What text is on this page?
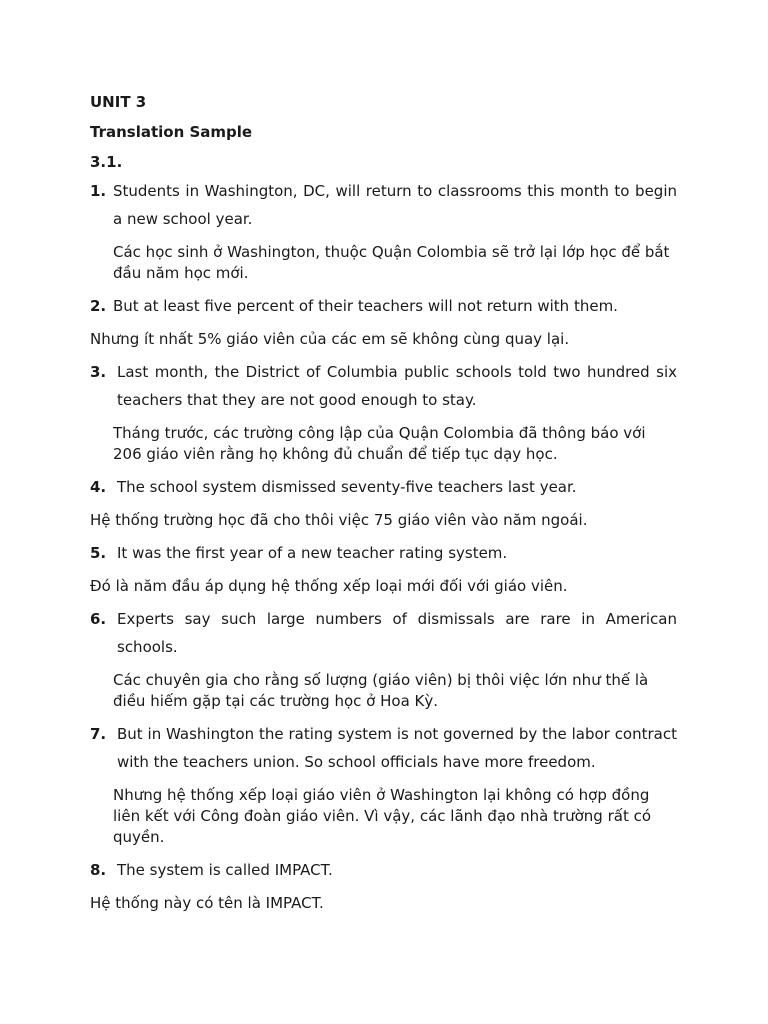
UNIT 3
Translation Sample
3.1.
1. Students in Washington, DC, will return to classrooms this month to begin a new school year.

Các học sinh ở Washington, thuộc Quận Colombia sẽ trở lại lớp học để bắt đầu năm học mới.

2. But at least five percent of their teachers will not return with them.

Nhưng ít nhất 5% giáo viên của các em sẽ không cùng quay lại.

3. Last month, the District of Columbia public schools told two hundred six teachers that they are not good enough to stay.

Tháng trước, các trường công lập của Quận Colombia đã thông báo với 206 giáo viên rằng họ không đủ chuẩn để tiếp tục dạy học.

4. The school system dismissed seventy-five teachers last year.

Hệ thống trường học đã cho thôi việc 75 giáo viên vào năm ngoái.

5. It was the first year of a new teacher rating system.

Đó là năm đầu áp dụng hệ thống xếp loại mới đối với giáo viên.

6. Experts say such large numbers of dismissals are rare in American schools.

Các chuyên gia cho rằng số lượng (giáo viên) bị thôi việc lớn như thế là điều hiếm gặp tại các trường học ở Hoa Kỳ.

7. But in Washington the rating system is not governed by the labor contract with the teachers union. So school officials have more freedom.

Nhưng hệ thống xếp loại giáo viên ở Washington lại không có hợp đồng liên kết với Công đoàn giáo viên. Vì vậy, các lãnh đạo nhà trường rất có quyền.

8. The system is called IMPACT.

Hệ thống này có tên là IMPACT.
